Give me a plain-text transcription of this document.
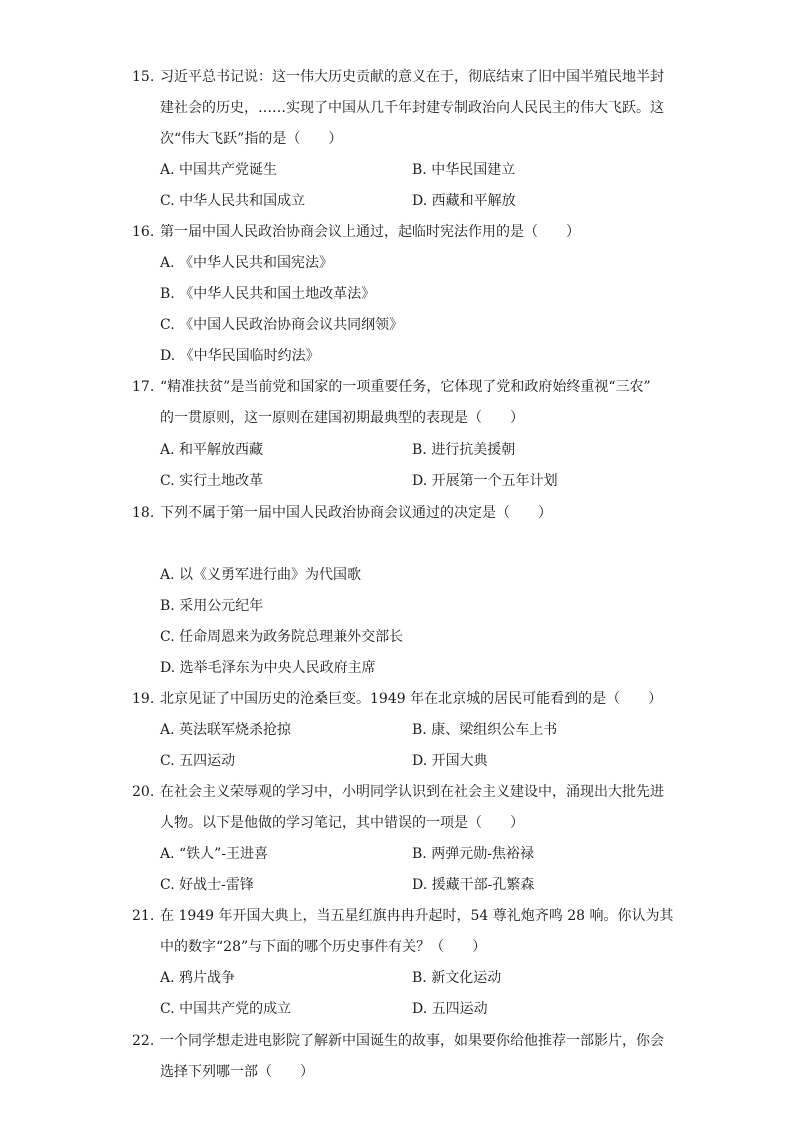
15. 习近平总书记说：这一伟大历史贡献的意义在于，彻底结束了旧中国半殖民地半封
建社会的历史，……实现了中国从几千年封建专制政治向人民民主的伟大飞跃。这
次“伟大飞跃”指的是（　　）
A. 中国共产党诞生	B. 中华民国建立
C. 中华人民共和国成立	D. 西藏和平解放
16. 第一届中国人民政治协商会议上通过，起临时宪法作用的是（　　）
A. 《中华人民共和国宪法》
B. 《中华人民共和国土地改革法》
C. 《中国人民政治协商会议共同纲领》
D. 《中华民国临时约法》
17. “精准扶贫”是当前党和国家的一项重要任务，它体现了党和政府始终重视“三农”
的一贯原则，这一原则在建国初期最典型的表现是（　　）
A. 和平解放西藏	B. 进行抗美援朝
C. 实行土地改革	D. 开展第一个五年计划
18. 下列不属于第一届中国人民政治协商会议通过的决定是（　　）
A. 以《义勇军进行曲》为代国歌
B. 采用公元纪年
C. 任命周恩来为政务院总理兼外交部长
D. 选举毛泽东为中央人民政府主席
19. 北京见证了中国历史的沧桑巨变。1949 年在北京城的居民可能看到的是（　　）
A. 英法联军烧杀抢掠	B. 康、梁组织公车上书
C. 五四运动	D. 开国大典
20. 在社会主义荣辱观的学习中，小明同学认识到在社会主义建设中，涌现出大批先进
人物。以下是他做的学习笔记，其中错误的一项是（　　）
A. “铁人”-王进喜	B. 两弹元勋-焦裕禄
C. 好战士-雷锋	D. 援藏干部-孔繁森
21. 在 1949 年开国大典上，当五星红旗冉冉升起时，54 尊礼炮齐鸣 28 响。你认为其
中的数字“28”与下面的哪个历史事件有关？（　　）
A. 鸦片战争	B. 新文化运动
C. 中国共产党的成立	D. 五四运动
22. 一个同学想走进电影院了解新中国诞生的故事，如果要你给他推荐一部影片，你会
选择下列哪一部（　　）
